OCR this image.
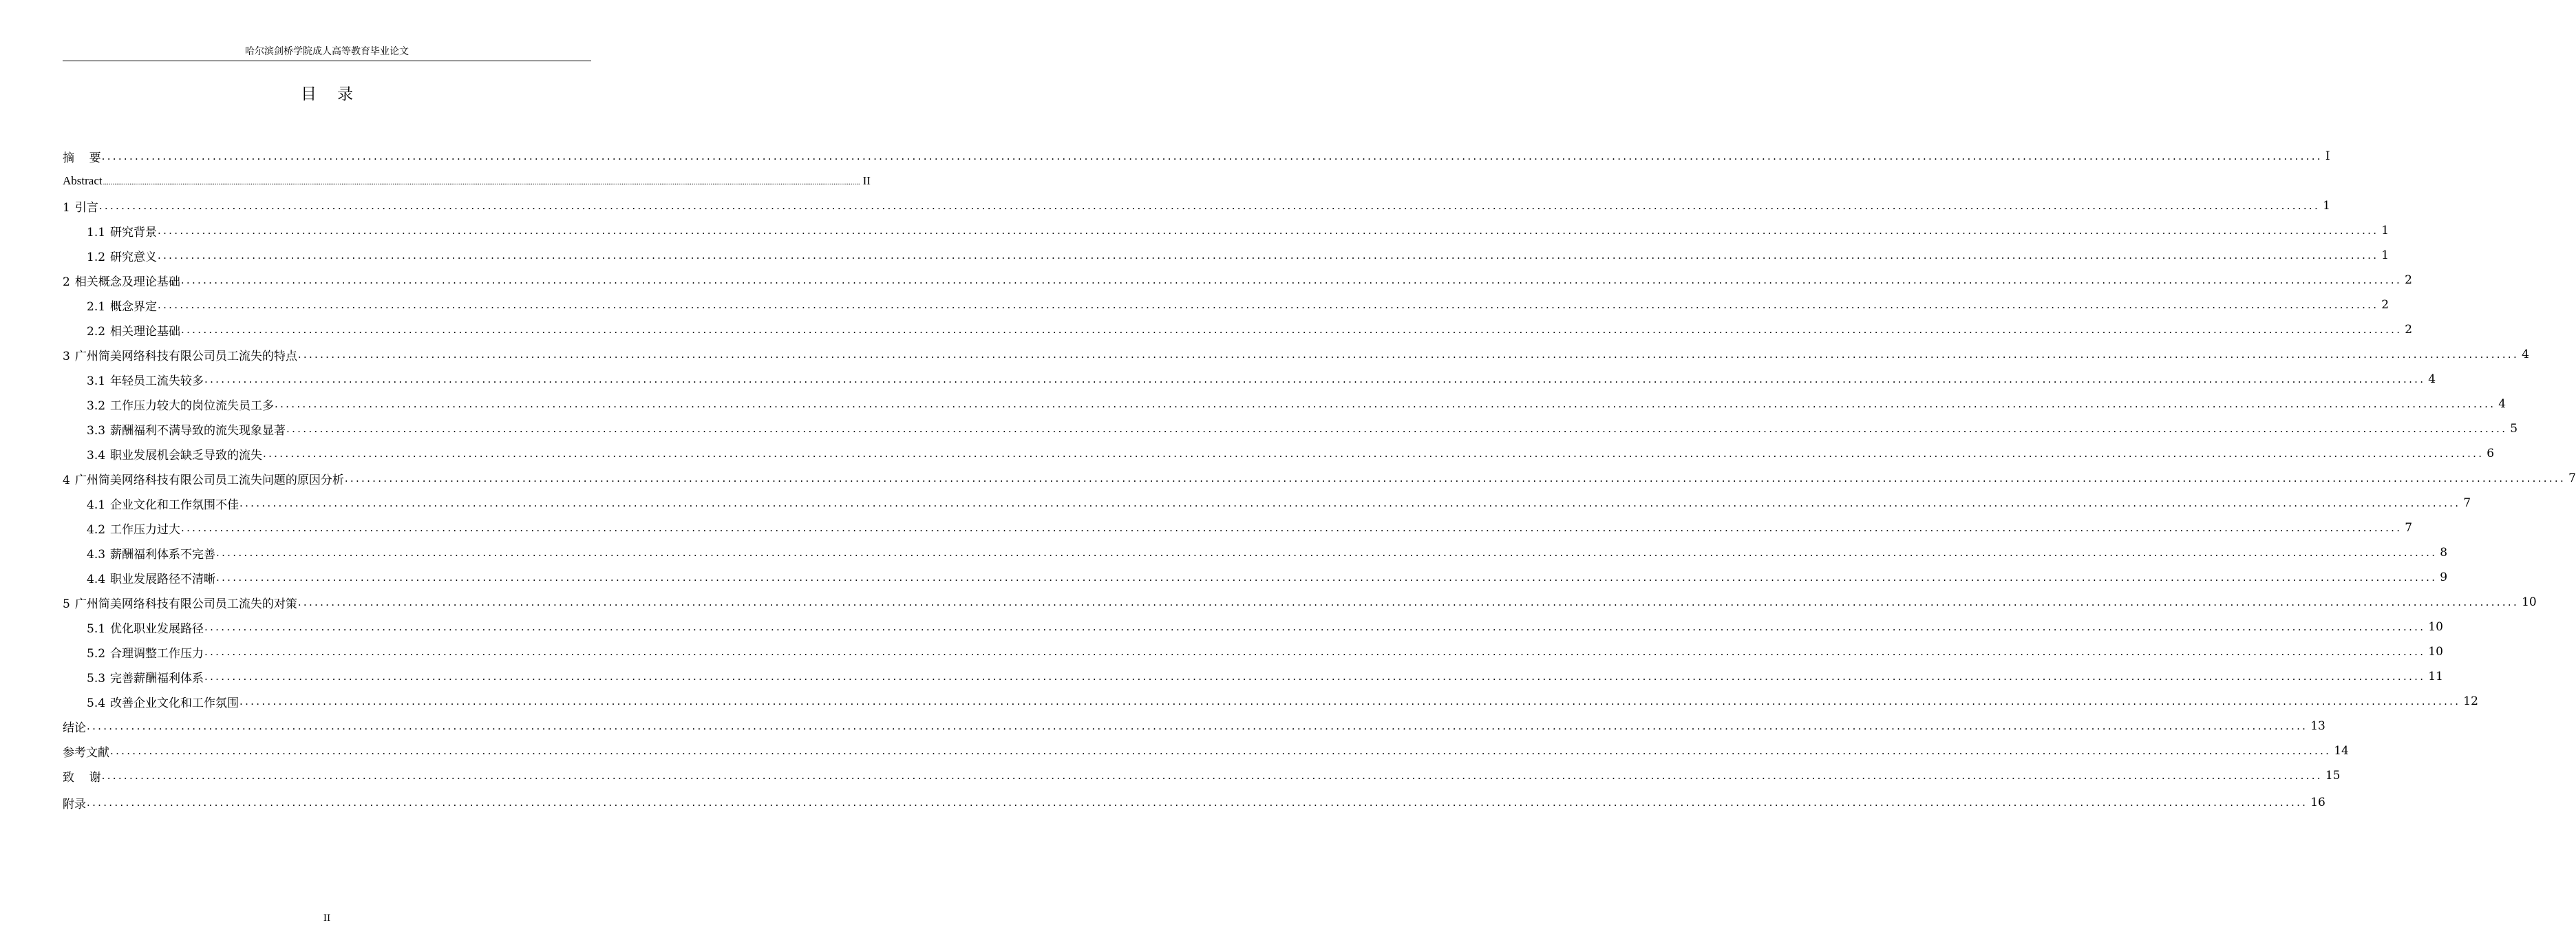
哈尔滨剑桥学院成人高等教育毕业论文
目录
摘    要 ................................................................................................................................................................................................................................................................................................................................................................................................................ I
Abstract ................................................................................................................................................................................................................................................................................................................................................................................................................ II
1 引言 ................................................................................................................................................................................................................................................................................................................................................................................................................ 1
1.1 研究背景 ................................................................................................................................................................................................................................................................................................................................................................................................................ 1
1.2 研究意义 ................................................................................................................................................................................................................................................................................................................................................................................................................ 1
2 相关概念及理论基础 ................................................................................................................................................................................................................................................................................................................................................................................................................ 2
2.1 概念界定 ................................................................................................................................................................................................................................................................................................................................................................................................................ 2
2.2 相关理论基础 ................................................................................................................................................................................................................................................................................................................................................................................................................ 2
3 广州简美网络科技有限公司员工流失的特点 ................................................................................................................................................................................................................................................................................................................................................................................................................ 4
3.1 年轻员工流失较多 ................................................................................................................................................................................................................................................................................................................................................................................................................ 4
3.2 工作压力较大的岗位流失员工多 ................................................................................................................................................................................................................................................................................................................................................................................................................ 4
3.3 薪酬福利不满导致的流失现象显著 ................................................................................................................................................................................................................................................................................................................................................................................................................ 5
3.4 职业发展机会缺乏导致的流失 ................................................................................................................................................................................................................................................................................................................................................................................................................ 6
4 广州简美网络科技有限公司员工流失问题的原因分析 ................................................................................................................................................................................................................................................................................................................................................................................................................ 7
4.1 企业文化和工作氛围不佳 ................................................................................................................................................................................................................................................................................................................................................................................................................ 7
4.2 工作压力过大 ................................................................................................................................................................................................................................................................................................................................................................................................................ 7
4.3 薪酬福利体系不完善 ................................................................................................................................................................................................................................................................................................................................................................................................................ 8
4.4 职业发展路径不清晰 ................................................................................................................................................................................................................................................................................................................................................................................................................ 9
5 广州简美网络科技有限公司员工流失的对策 ................................................................................................................................................................................................................................................................................................................................................................................................................ 10
5.1 优化职业发展路径 ................................................................................................................................................................................................................................................................................................................................................................................................................ 10
5.2 合理调整工作压力 ................................................................................................................................................................................................................................................................................................................................................................................................................ 10
5.3 完善薪酬福利体系 ................................................................................................................................................................................................................................................................................................................................................................................................................ 11
5.4 改善企业文化和工作氛围 ................................................................................................................................................................................................................................................................................................................................................................................................................ 12
结论 ................................................................................................................................................................................................................................................................................................................................................................................................................ 13
参考文献 ................................................................................................................................................................................................................................................................................................................................................................................................................ 14
致    谢 ................................................................................................................................................................................................................................................................................................................................................................................................................ 15
附录 ................................................................................................................................................................................................................................................................................................................................................................................................................ 16
II
